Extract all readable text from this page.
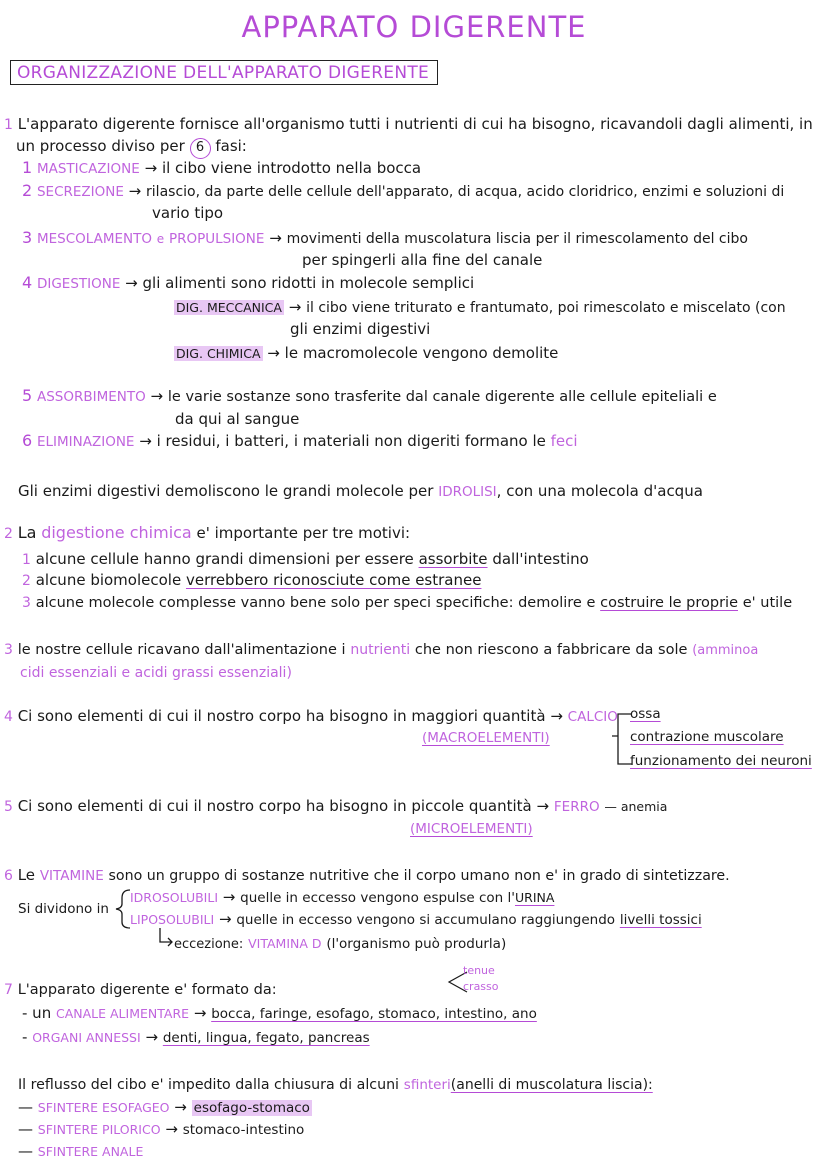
APPARATO DIGERENTE
ORGANIZZAZIONE DELL'APPARATO DIGERENTE
1 L'apparato digerente fornisce all'organismo tutti i nutrienti di cui ha bisogno, ricavandoli dagli alimenti, in
un processo diviso per 6 fasi:
1 MASTICAZIONE → il cibo viene introdotto nella bocca
2 SECREZIONE → rilascio, da parte delle cellule dell'apparato, di acqua, acido cloridrico, enzimi e soluzioni di
vario tipo
3 MESCOLAMENTO e PROPULSIONE → movimenti della muscolatura liscia per il rimescolamento del cibo
per spingerli alla fine del canale
4 DIGESTIONE → gli alimenti sono ridotti in molecole semplici
DIG. MECCANICA → il cibo viene triturato e frantumato, poi rimescolato e miscelato (con
gli enzimi digestivi
DIG. CHIMICA → le macromolecole vengono demolite
5 ASSORBIMENTO → le varie sostanze sono trasferite dal canale digerente alle cellule epiteliali e
da qui al sangue
6 ELIMINAZIONE → i residui, i batteri, i materiali non digeriti formano le feci
Gli enzimi digestivi demoliscono le grandi molecole per IDROLISI, con una molecola d'acqua
2 La digestione chimica e' importante per tre motivi:
1 alcune cellule hanno grandi dimensioni per essere assorbite dall'intestino
2 alcune biomolecole verrebbero riconosciute come estranee
3 alcune molecole complesse vanno bene solo per speci specifiche: demolire e costruire le proprie e' utile
3 le nostre cellule ricavano dall'alimentazione i nutrienti che non riescono a fabbricare da sole (amminoa
cidi essenziali e acidi grassi essenziali)
4 Ci sono elementi di cui il nostro corpo ha bisogno in maggiori quantità → CALCIO
(MACROELEMENTI)
ossa
contrazione muscolare
funzionamento dei neuroni
5 Ci sono elementi di cui il nostro corpo ha bisogno in piccole quantità → FERRO — anemia
(MICROELEMENTI)
6 Le VITAMINE sono un gruppo di sostanze nutritive che il corpo umano non e' in grado di sintetizzare.
Si dividono in
IDROSOLUBILI → quelle in eccesso vengono espulse con l'URINA
LIPOSOLUBILI → quelle in eccesso vengono si accumulano raggiungendo livelli tossici
eccezione: VITAMINA D (l'organismo può produrla)
7 L'apparato digerente e' formato da:
tenue
crasso
- un CANALE ALIMENTARE → bocca, faringe, esofago, stomaco, intestino, ano
- ORGANI ANNESSI → denti, lingua, fegato, pancreas
Il reflusso del cibo e' impedito dalla chiusura di alcuni sfinteri(anelli di muscolatura liscia):
— SFINTERE ESOFAGEO → esofago-stomaco
— SFINTERE PILORICO → stomaco-intestino
— SFINTERE ANALE
